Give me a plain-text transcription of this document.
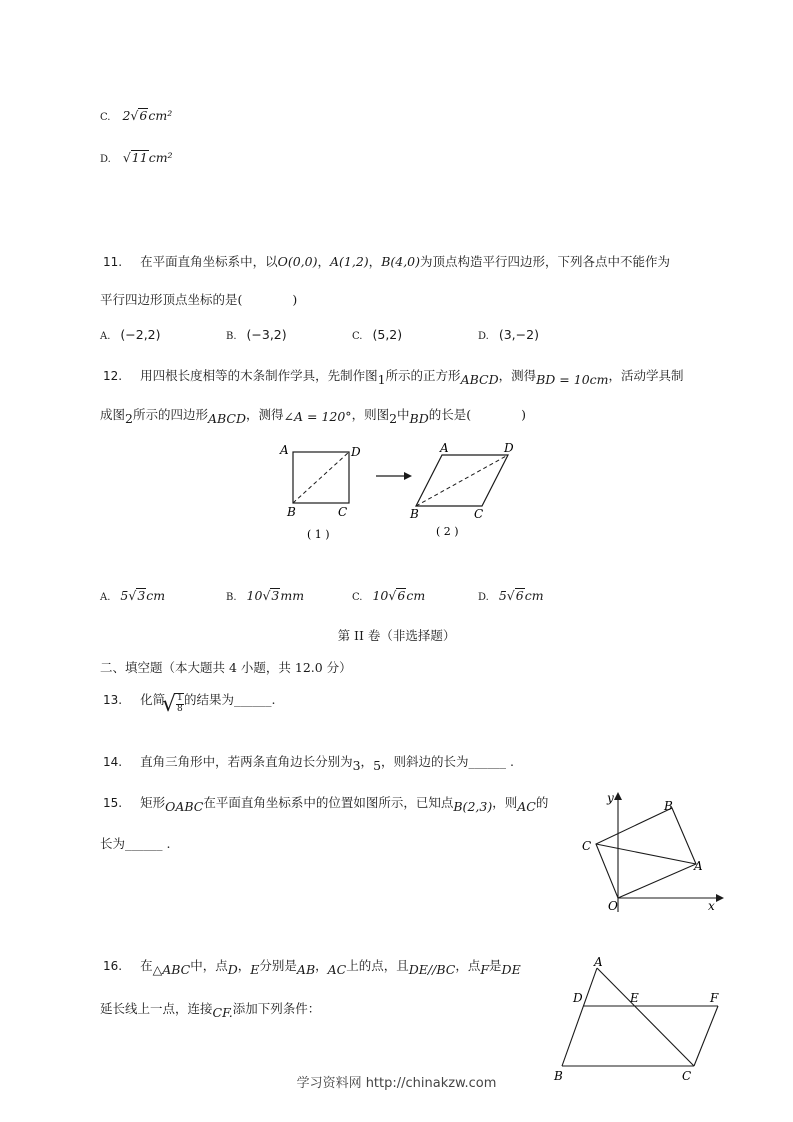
C. 2√6cm²
D. √11cm²
11. 在平面直角坐标系中，以O(0,0)，A(1,2)，B(4,0)为顶点构造平行四边形，下列各点中不能作为
平行四边形顶点坐标的是(　　　　)
A. (−2,2)	B. (−3,2)	C. (5,2)	D. (3,−2)
12. 用四根长度相等的木条制作学具，先制作图1所示的正方形ABCD，测得BD = 10cm，活动学具制
成图2所示的四边形ABCD，测得∠A = 120°，则图2中BD的长是(　　　　)
A	D
B	C
( 1 )
A	D
B	C
( 2 )
A. 5√3cm	B. 10√3mm	C. 10√6cm	D. 5√6cm
第 II 卷（非选择题）
二、填空题（本大题共 4 小题，共 12.0 分）
13. 化简
√ $\frac{1}{8}$ 的结果为______.
14. 直角三角形中，若两条直角边长分别为3，5，则斜边的长为______ .
15. 矩形OABC在平面直角坐标系中的位置如图所示，已知点B(2,3)，则AC的
长为______ .
y
x
O
A
B
C
16. 在△ABC中，点D，E分别是AB，AC上的点，且DE//BC，点F是DE
延长线上一点，连接CF.添加下列条件：
A
D	E	F
B	C
学习资料网 http://chinakzw.com
